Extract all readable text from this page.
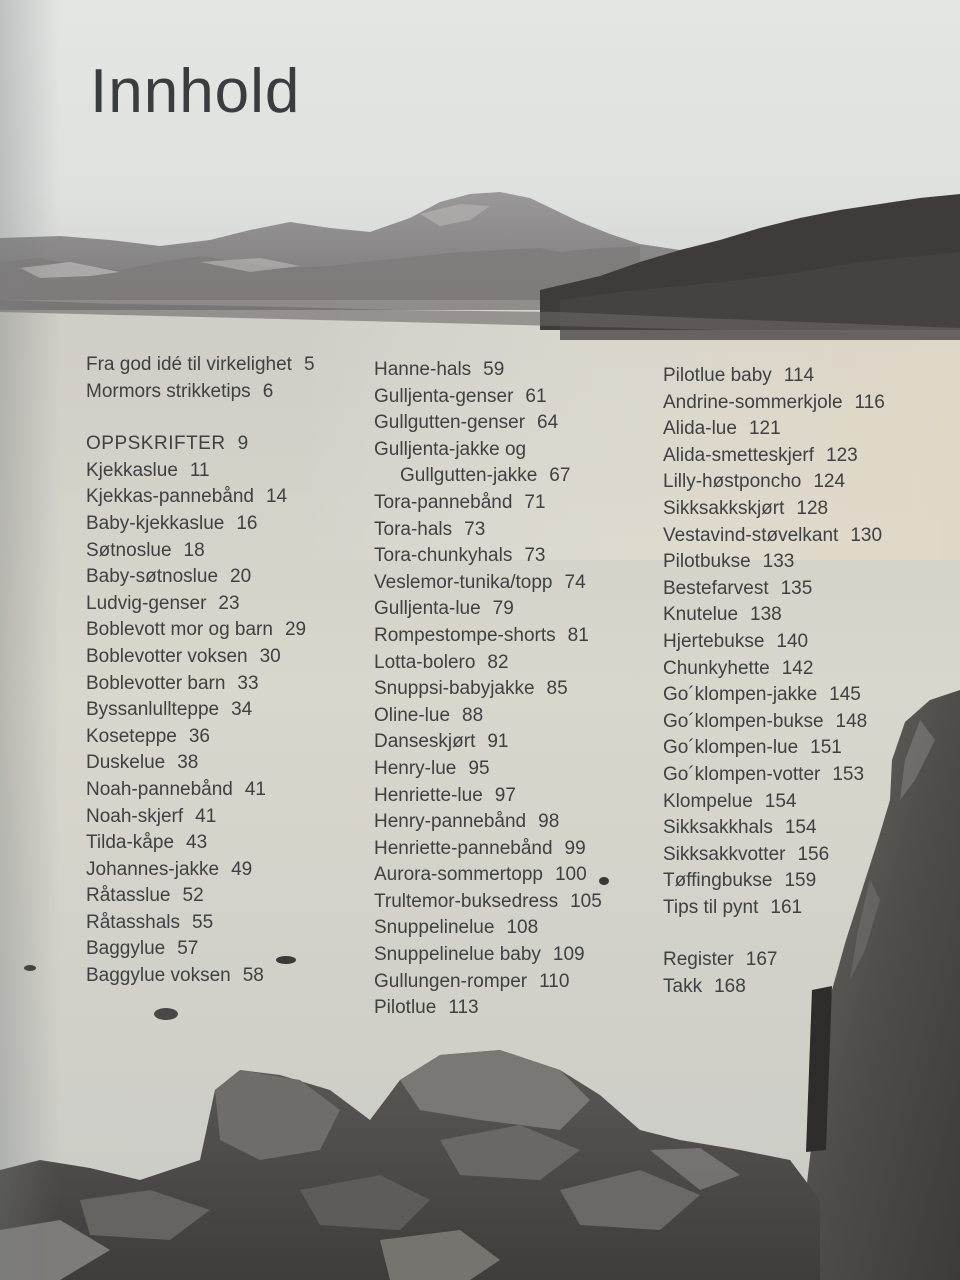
Innhold
Fra god idé til virkelighet 5
Mormors strikketips 6
OPPSKRIFTER 9
Kjekkaslue 11
Kjekkas-pannebånd 14
Baby-kjekkaslue 16
Søtnoslue 18
Baby-søtnoslue 20
Ludvig-genser 23
Boblevott mor og barn 29
Boblevotter voksen 30
Boblevotter barn 33
Byssanlullteppe 34
Koseteppe 36
Duskelue 38
Noah-pannebånd 41
Noah-skjerf 41
Tilda-kåpe 43
Johannes-jakke 49
Råtasslue 52
Råtasshals 55
Baggylue 57
Baggylue voksen 58
Hanne-hals 59
Gulljenta-genser 61
Gullgutten-genser 64
Gulljenta-jakke og
Gullgutten-jakke 67
Tora-pannebånd 71
Tora-hals 73
Tora-chunkyhals 73
Veslemor-tunika/topp 74
Gulljenta-lue 79
Rompestompe-shorts 81
Lotta-bolero 82
Snuppsi-babyjakke 85
Oline-lue 88
Danseskjørt 91
Henry-lue 95
Henriette-lue 97
Henry-pannebånd 98
Henriette-pannebånd 99
Aurora-sommertopp 100
Trultemor-buksedress 105
Snuppelinelue 108
Snuppelinelue baby 109
Gullungen-romper 110
Pilotlue 113
Pilotlue baby 114
Andrine-sommerkjole 116
Alida-lue 121
Alida-smetteskjerf 123
Lilly-høstponcho 124
Sikksakkskjørt 128
Vestavind-støvelkant 130
Pilotbukse 133
Bestefarvest 135
Knutelue 138
Hjertebukse 140
Chunkyhette 142
Go´klompen-jakke 145
Go´klompen-bukse 148
Go´klompen-lue 151
Go´klompen-votter 153
Klompelue 154
Sikksakkhals 154
Sikksakkvotter 156
Tøffingbukse 159
Tips til pynt 161
Register 167
Takk 168
